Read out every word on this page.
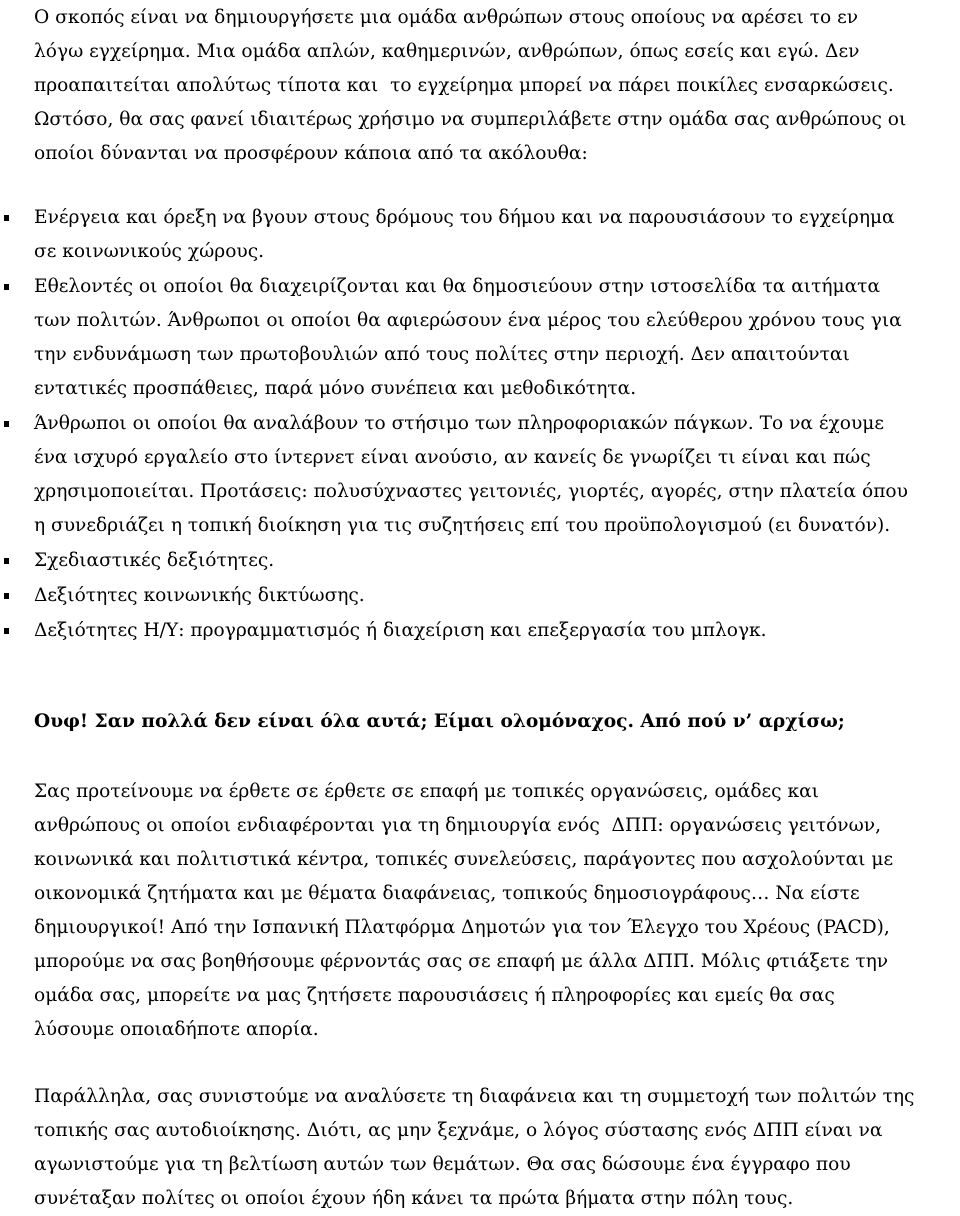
Ο σκοπός είναι να δημιουργήσετε μια ομάδα ανθρώπων στους οποίους να αρέσει το εν
λόγω εγχείρημα. Μια ομάδα απλών, καθημερινών, ανθρώπων, όπως εσείς και εγώ. Δεν
προαπαιτείται απολύτως τίποτα και  το εγχείρημα μπορεί να πάρει ποικίλες ενσαρκώσεις.
Ωστόσο, θα σας φανεί ιδιαιτέρως χρήσιμο να συμπεριλάβετε στην ομάδα σας ανθρώπους οι
οποίοι δύνανται να προσφέρουν κάποια από τα ακόλουθα:
Ενέργεια και όρεξη να βγουν στους δρόμους του δήμου και να παρουσιάσουν το εγχείρημα
σε κοινωνικούς χώρους.
Εθελοντές οι οποίοι θα διαχειρίζονται και θα δημοσιεύουν στην ιστοσελίδα τα αιτήματα
των πολιτών. Άνθρωποι οι οποίοι θα αφιερώσουν ένα μέρος του ελεύθερου χρόνου τους για
την ενδυνάμωση των πρωτοβουλιών από τους πολίτες στην περιοχή. Δεν απαιτούνται
εντατικές προσπάθειες, παρά μόνο συνέπεια και μεθοδικότητα.
Άνθρωποι οι οποίοι θα αναλάβουν το στήσιμο των πληροφοριακών πάγκων. Το να έχουμε
ένα ισχυρό εργαλείο στο ίντερνετ είναι ανούσιο, αν κανείς δε γνωρίζει τι είναι και πώς
χρησιμοποιείται. Προτάσεις: πολυσύχναστες γειτονιές, γιορτές, αγορές, στην πλατεία όπου
η συνεδριάζει η τοπική διοίκηση για τις συζητήσεις επί του προϋπολογισμού (ει δυνατόν).
Σχεδιαστικές δεξιότητες.
Δεξιότητες κοινωνικής δικτύωσης.
Δεξιότητες Η/Υ: προγραμματισμός ή διαχείριση και επεξεργασία του μπλογκ.
Ουφ! Σαν πολλά δεν είναι όλα αυτά; Είμαι ολομόναχος. Από πού ν’ αρχίσω;
Σας προτείνουμε να έρθετε σε έρθετε σε επαφή με τοπικές οργανώσεις, ομάδες και
ανθρώπους οι οποίοι ενδιαφέρονται για τη δημιουργία ενός  ΔΠΠ: οργανώσεις γειτόνων,
κοινωνικά και πολιτιστικά κέντρα, τοπικές συνελεύσεις, παράγοντες που ασχολούνται με
οικονομικά ζητήματα και με θέματα διαφάνειας, τοπικούς δημοσιογράφους… Να είστε
δημιουργικοί! Από την Ισπανική Πλατφόρμα Δημοτών για τον Έλεγχο του Χρέους (PACD),
μπορούμε να σας βοηθήσουμε φέρνοντάς σας σε επαφή με άλλα ΔΠΠ. Μόλις φτιάξετε την
ομάδα σας, μπορείτε να μας ζητήσετε παρουσιάσεις ή πληροφορίες και εμείς θα σας
λύσουμε οποιαδήποτε απορία.
Παράλληλα, σας συνιστούμε να αναλύσετε τη διαφάνεια και τη συμμετοχή των πολιτών της
τοπικής σας αυτοδιοίκησης. Διότι, ας μην ξεχνάμε, ο λόγος σύστασης ενός ΔΠΠ είναι να
αγωνιστούμε για τη βελτίωση αυτών των θεμάτων. Θα σας δώσουμε ένα έγγραφο που
συνέταξαν πολίτες οι οποίοι έχουν ήδη κάνει τα πρώτα βήματα στην πόλη τους.
